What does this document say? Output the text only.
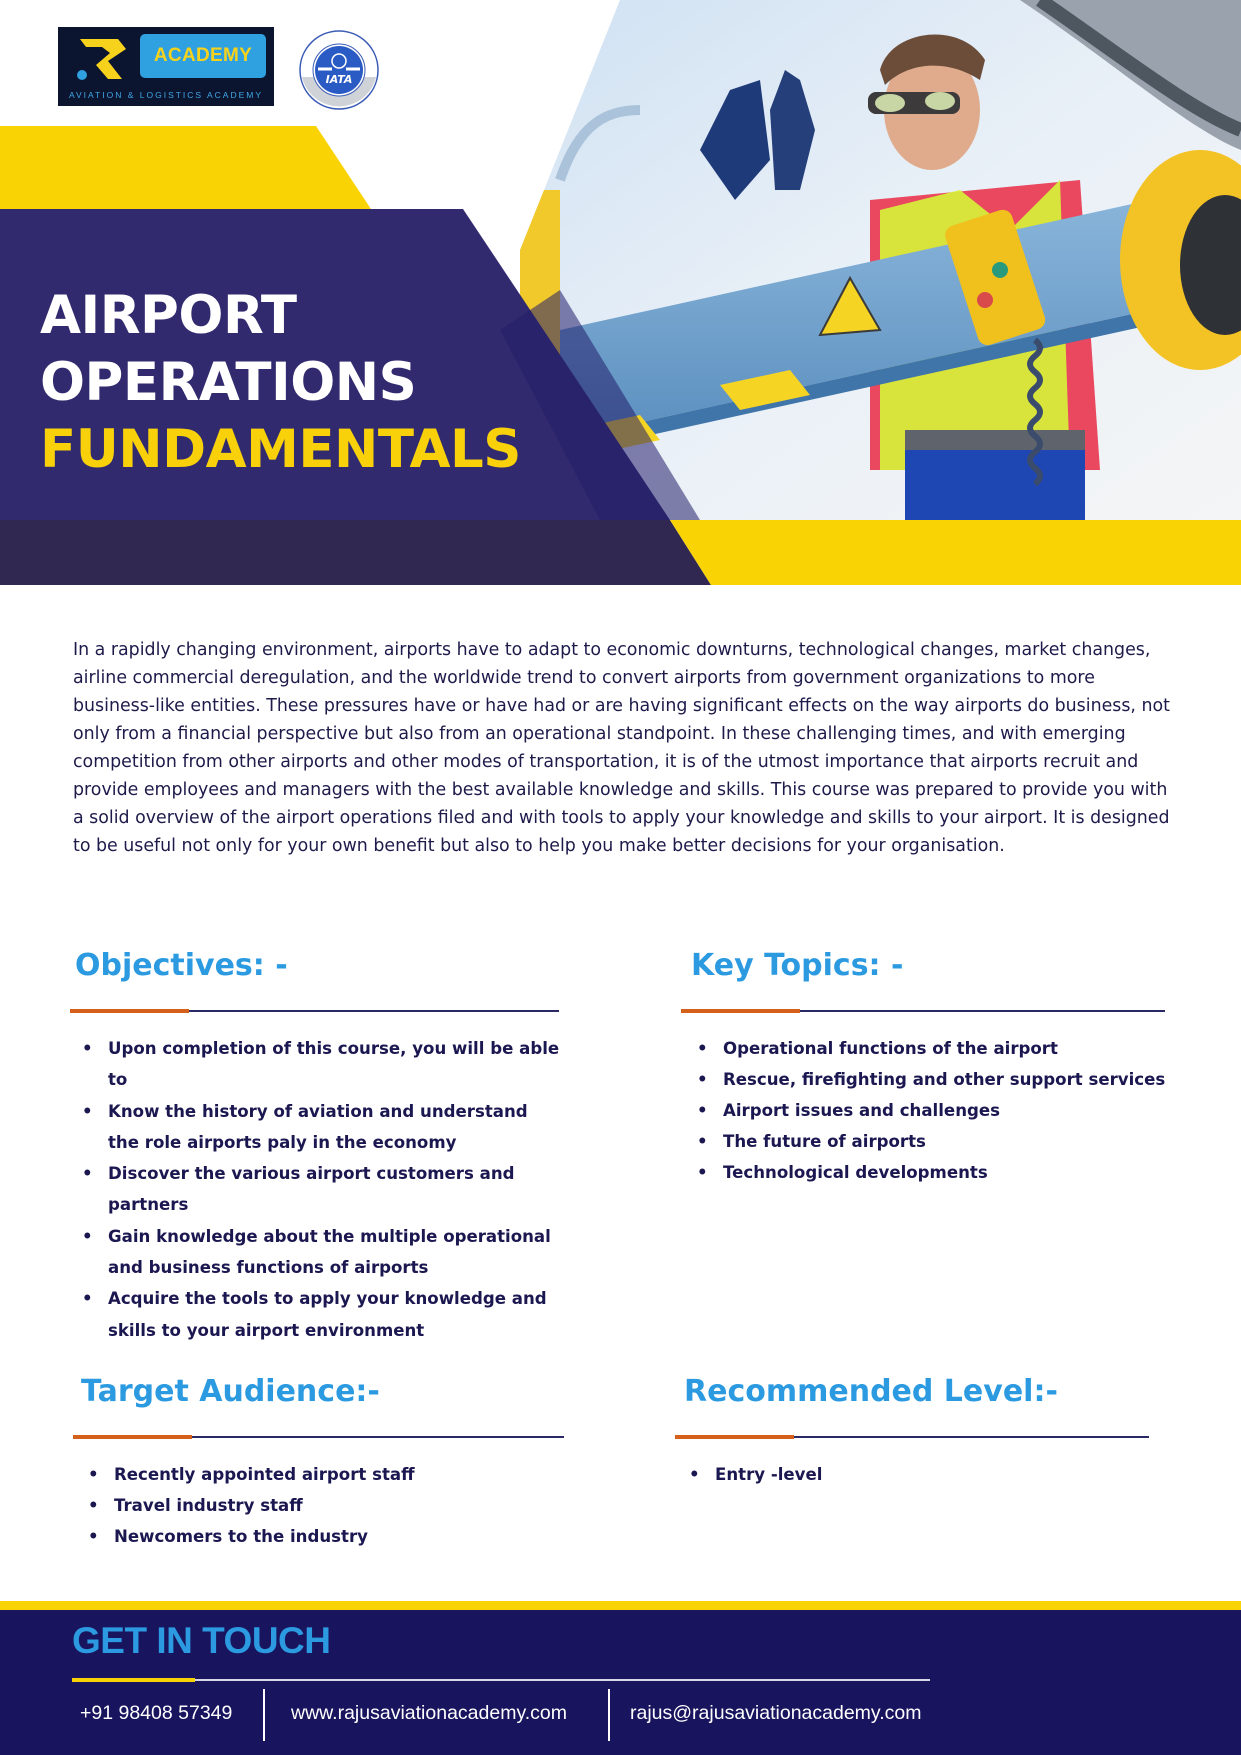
ACADEMY
AVIATION & LOGISTICS ACADEMY
IATA
AIRPORT
OPERATIONS
FUNDAMENTALS

In a rapidly changing environment, airports have to adapt to economic downturns, technological changes, market changes, airline commercial deregulation, and the worldwide trend to convert airports from government organizations to more

business-like entities. These pressures have or have had or are having significant effects on the way airports do business, not only from a financial perspective but also from an operational standpoint. In these challenging times, and with emerging competition from other airports and other modes of transportation, it is of the utmost importance that airports recruit and provide employees and managers with the best available knowledge and skills. This course was prepared to provide you with a solid overview of the airport operations filed and with tools to apply your knowledge and skills to your airport. It is designed to be useful not only for your own benefit but also to help you make better decisions for your organisation.

Objectives: -
• Upon completion of this course, you will be able to
• Know the history of aviation and understand the role airports paly in the economy
• Discover the various airport customers and partners
• Gain knowledge about the multiple operational and business functions of airports
• Acquire the tools to apply your knowledge and skills to your airport environment
Key Topics: -
• Operational functions of the airport
• Rescue, firefighting and other support services
• Airport issues and challenges
• The future of airports
• Technological developments
Target Audience:-
• Recently appointed airport staff
• Travel industry staff
• Newcomers to the industry
Recommended Level:-
• Entry -level
GET IN TOUCH
+91 98408 57349	www.rajusaviationacademy.com	rajus@rajusaviationacademy.com
